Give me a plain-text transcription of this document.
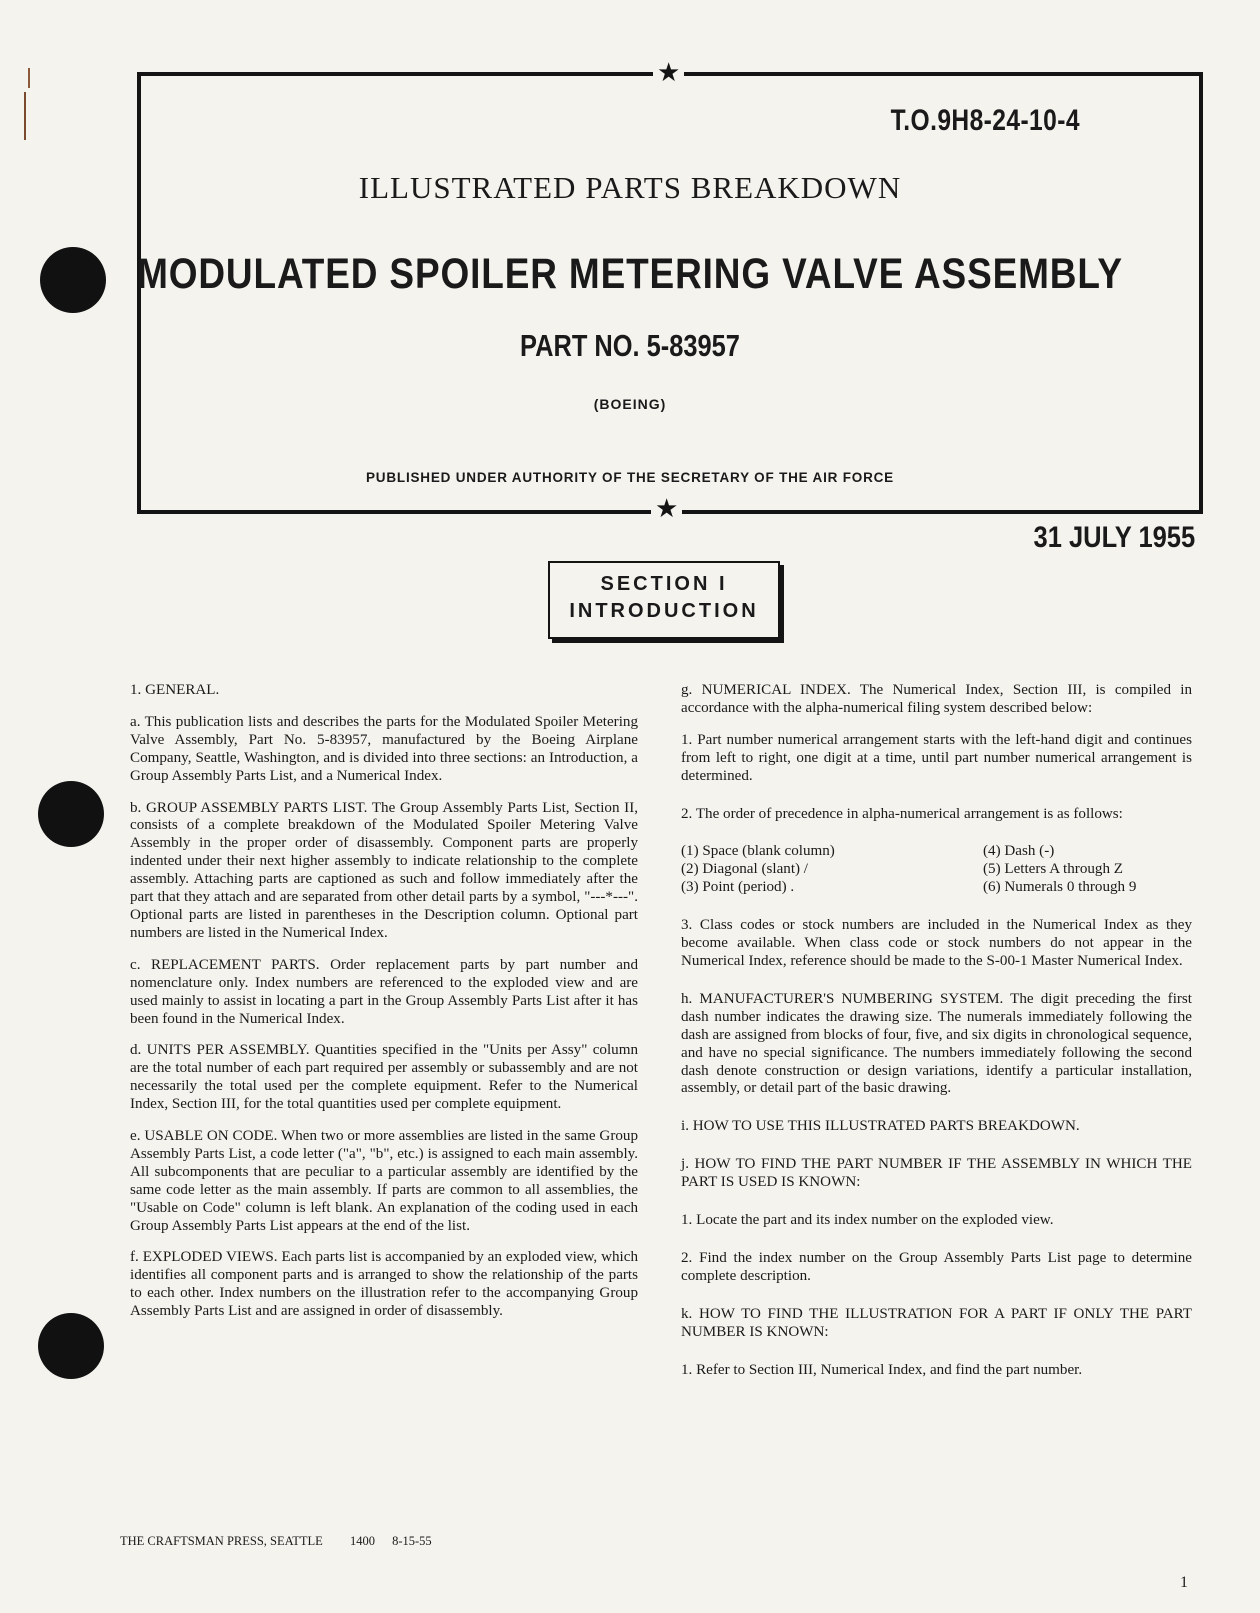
★
★
T.O.9H8-24-10-4
ILLUSTRATED PARTS BREAKDOWN
MODULATED SPOILER METERING VALVE ASSEMBLY
PART NO. 5-83957
(BOEING)
PUBLISHED UNDER AUTHORITY OF THE SECRETARY OF THE AIR FORCE
31 JULY 1955
SECTION I
INTRODUCTION

1. GENERAL.

a. This publication lists and describes the parts for the Modulated Spoiler Metering Valve Assembly, Part No. 5-83957, manufactured by the Boeing Airplane Company, Seattle, Washington, and is divided into three sections: an Introduction, a Group Assembly Parts List, and a Numerical Index.

b. GROUP ASSEMBLY PARTS LIST. The Group Assembly Parts List, Section II, consists of a complete breakdown of the Modulated Spoiler Metering Valve Assembly in the proper order of disassembly. Component parts are properly indented under their next higher assembly to indicate relationship to the complete assembly. Attaching parts are captioned as such and follow immediately after the part that they attach and are separated from other detail parts by a symbol, "---*---". Optional parts are listed in parentheses in the Description column. Optional part numbers are listed in the Numerical Index.

c. REPLACEMENT PARTS. Order replacement parts by part number and nomenclature only. Index numbers are referenced to the exploded view and are used mainly to assist in locating a part in the Group Assembly Parts List after it has been found in the Numerical Index.

d. UNITS PER ASSEMBLY. Quantities specified in the "Units per Assy" column are the total number of each part required per assembly or subassembly and are not necessarily the total used per the complete equipment. Refer to the Numerical Index, Section III, for the total quantities used per complete equipment.

e. USABLE ON CODE. When two or more assemblies are listed in the same Group Assembly Parts List, a code letter ("a", "b", etc.) is assigned to each main assembly. All subcomponents that are peculiar to a particular assembly are identified by the same code letter as the main assembly. If parts are common to all assemblies, the "Usable on Code" column is left blank. An explanation of the coding used in each Group Assembly Parts List appears at the end of the list.

f. EXPLODED VIEWS. Each parts list is accompanied by an exploded view, which identifies all component parts and is arranged to show the relationship of the parts to each other. Index numbers on the illustration refer to the accompanying Group Assembly Parts List and are assigned in order of disassembly.

g. NUMERICAL INDEX. The Numerical Index, Section III, is compiled in accordance with the alpha-numerical filing system described below:

1. Part number numerical arrangement starts with the left-hand digit and continues from left to right, one digit at a time, until part number numerical arrangement is determined.

2. The order of precedence in alpha-numerical arrangement is as follows:

(1) Space (blank column)	(4) Dash (-)
(2) Diagonal (slant) /	(5) Letters A through Z
(3) Point (period) .	(6) Numerals 0 through 9

3. Class codes or stock numbers are included in the Numerical Index as they become available. When class code or stock numbers do not appear in the Numerical Index, reference should be made to the S-00-1 Master Numerical Index.

h. MANUFACTURER'S NUMBERING SYSTEM. The digit preceding the first dash number indicates the drawing size. The numerals immediately following the dash are assigned from blocks of four, five, and six digits in chronological sequence, and have no special significance. The numbers immediately following the second dash denote construction or design variations, identify a particular installation, assembly, or detail part of the basic drawing.

i. HOW TO USE THIS ILLUSTRATED PARTS BREAKDOWN.

j. HOW TO FIND THE PART NUMBER IF THE ASSEMBLY IN WHICH THE PART IS USED IS KNOWN:

1. Locate the part and its index number on the exploded view.

2. Find the index number on the Group Assembly Parts List page to determine complete description.

k. HOW TO FIND THE ILLUSTRATION FOR A PART IF ONLY THE PART NUMBER IS KNOWN:

1. Refer to Section III, Numerical Index, and find the part number.

THE CRAFTSMAN PRESS, SEATTLE 1400 8-15-55
1
